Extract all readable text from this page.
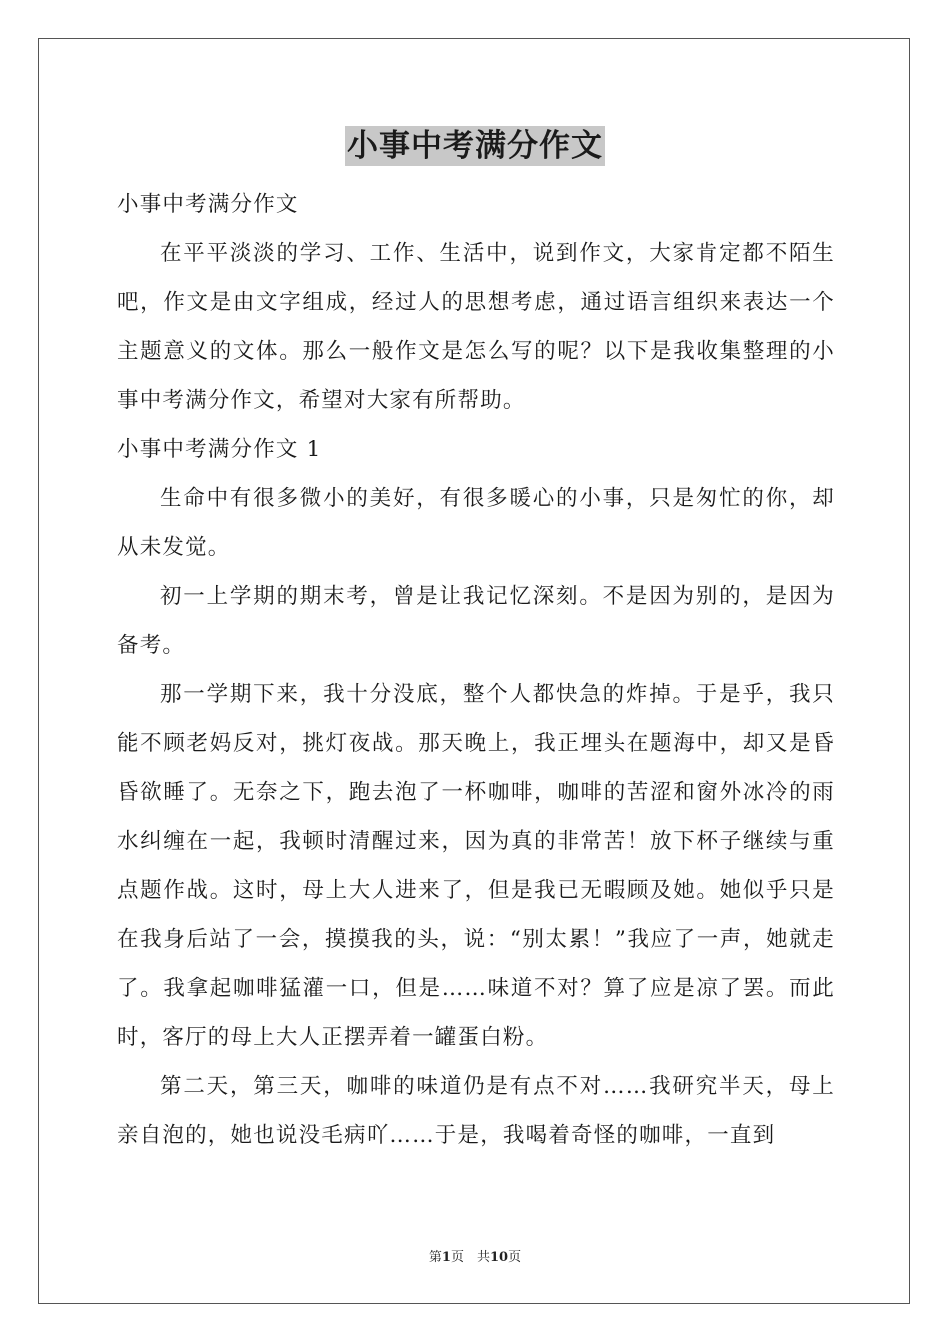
小事中考满分作文

小事中考满分作文

在平平淡淡的学习、工作、生活中，说到作文，大家肯定都不陌生吧，作文是由文字组成，经过人的思想考虑，通过语言组织来表达一个主题意义的文体。那么一般作文是怎么写的呢？以下是我收集整理的小事中考满分作文，希望对大家有所帮助。

小事中考满分作文 1

生命中有很多微小的美好，有很多暖心的小事，只是匆忙的你，却从未发觉。

初一上学期的期末考，曾是让我记忆深刻。不是因为别的，是因为备考。

那一学期下来，我十分没底，整个人都快急的炸掉。于是乎，我只能不顾老妈反对，挑灯夜战。那天晚上，我正埋头在题海中，却又是昏昏欲睡了。无奈之下，跑去泡了一杯咖啡，咖啡的苦涩和窗外冰冷的雨水纠缠在一起，我顿时清醒过来，因为真的非常苦！放下杯子继续与重点题作战。这时，母上大人进来了，但是我已无暇顾及她。她似乎只是在我身后站了一会，摸摸我的头，说：“别太累！”我应了一声，她就走了。我拿起咖啡猛灌一口，但是……味道不对？算了应是凉了罢。而此时，客厅的母上大人正摆弄着一罐蛋白粉。

第二天，第三天，咖啡的味道仍是有点不对……我研究半天，母上亲自泡的，她也说没毛病吖……于是，我喝着奇怪的咖啡，一直到

第1页　共10页
